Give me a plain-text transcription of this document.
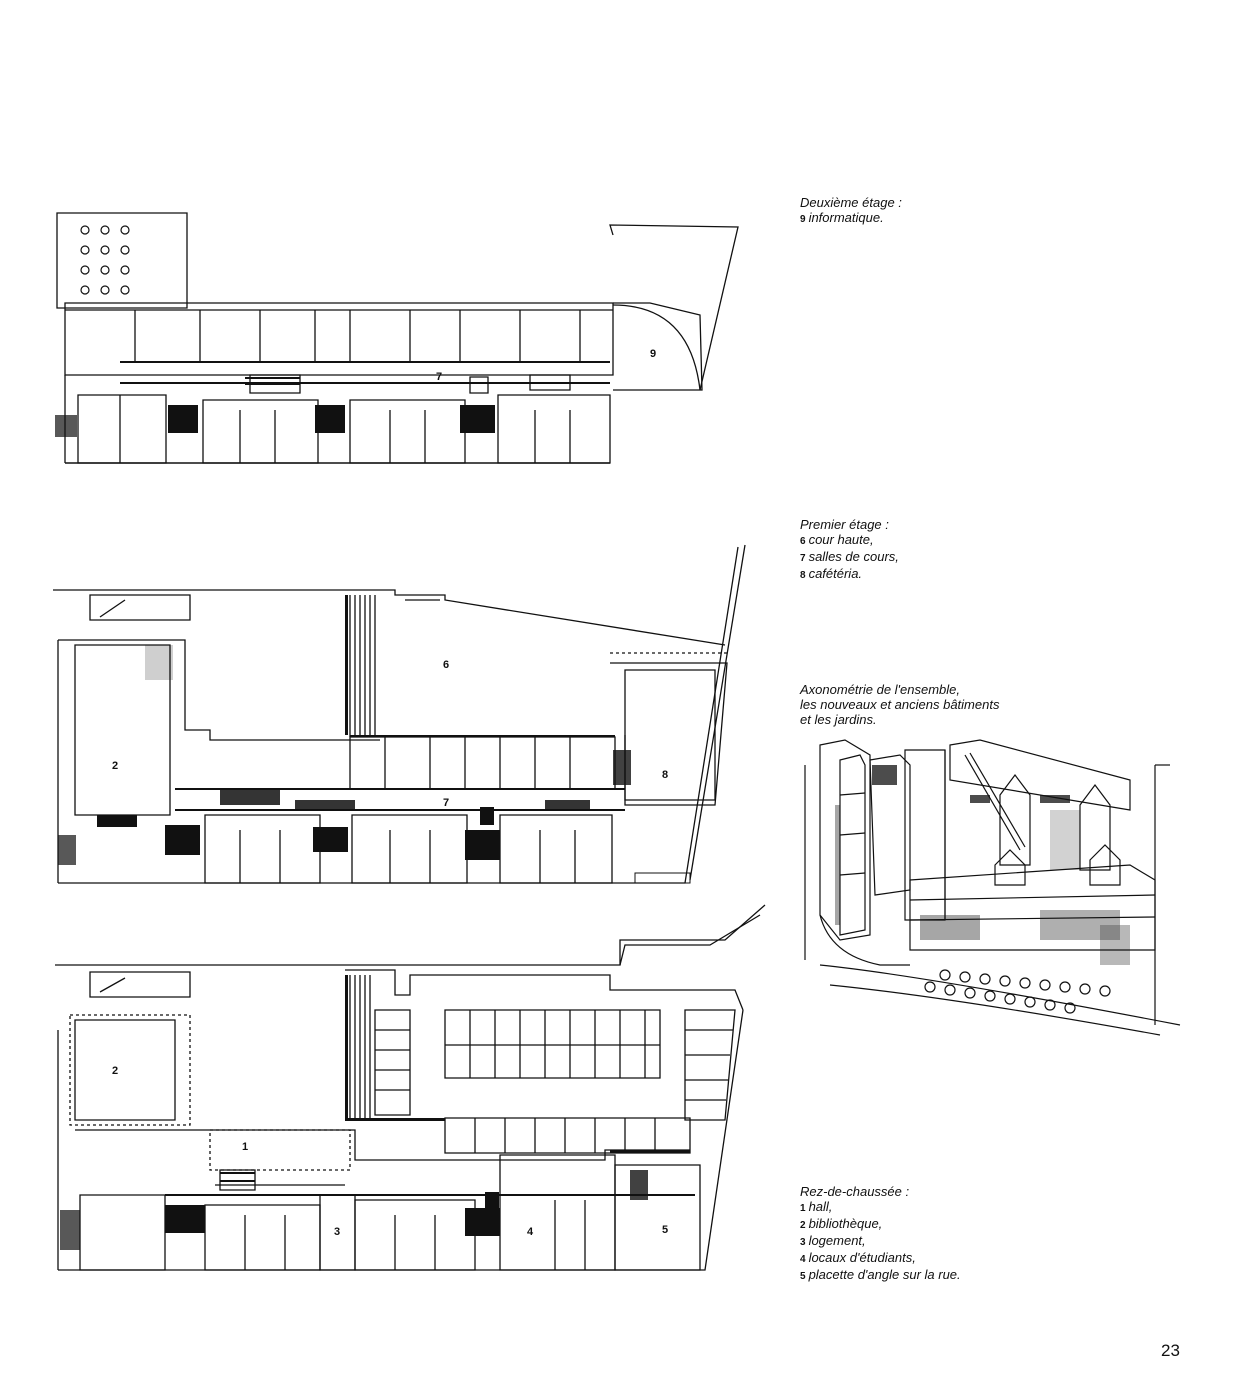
7
9
2
6
7
8
1
2
3	4	5
Deuxième étage :
9 informatique.
Premier étage :
6 cour haute,
7 salles de cours,
8 cafétéria.
Axonométrie de l'ensemble,
les nouveaux et anciens bâtiments
et les jardins.
Rez-de-chaussée :
1 hall,
2 bibliothèque,
3 logement,
4 locaux d'étudiants,
5 placette d'angle sur la rue.
23
